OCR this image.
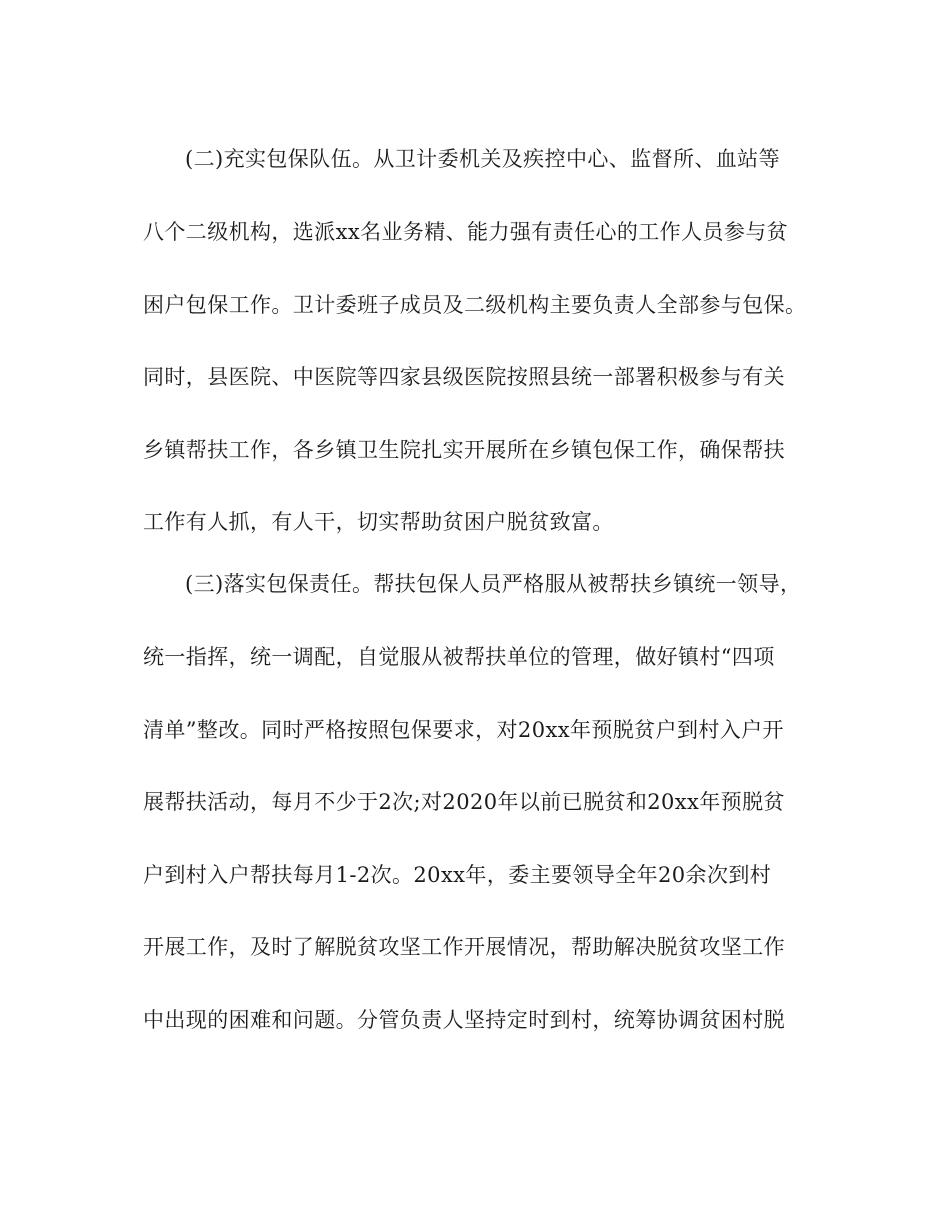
(二)充实包保队伍。从卫计委机关及疾控中心、监督所、血站等
八个二级机构，选派xx名业务精、能力强有责任心的工作人员参与贫
困户包保工作。卫计委班子成员及二级机构主要负责人全部参与包保。
同时，县医院、中医院等四家县级医院按照县统一部署积极参与有关
乡镇帮扶工作，各乡镇卫生院扎实开展所在乡镇包保工作，确保帮扶
工作有人抓，有人干，切实帮助贫困户脱贫致富。
(三)落实包保责任。帮扶包保人员严格服从被帮扶乡镇统一领导，
统一指挥，统一调配，自觉服从被帮扶单位的管理，做好镇村“四项
清单”整改。同时严格按照包保要求，对20xx年预脱贫户到村入户开
展帮扶活动，每月不少于2次;对2020年以前已脱贫和20xx年预脱贫
户到村入户帮扶每月1-2次。20xx年，委主要领导全年20余次到村
开展工作，及时了解脱贫攻坚工作开展情况，帮助解决脱贫攻坚工作
中出现的困难和问题。分管负责人坚持定时到村，统筹协调贫困村脱
